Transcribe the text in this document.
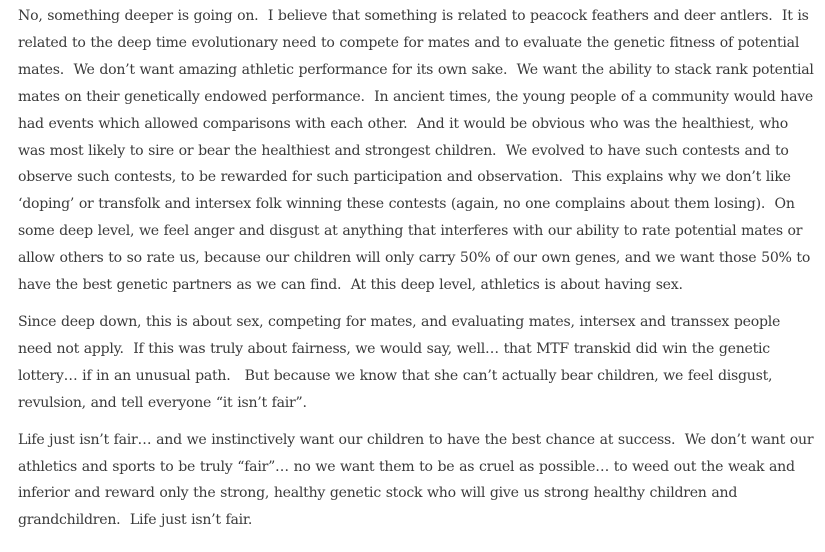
No, something deeper is going on.  I believe that something is related to peacock feathers and deer antlers.  It is related to the deep time evolutionary need to compete for mates and to evaluate the genetic fitness of potential mates.  We don’t want amazing athletic performance for its own sake.  We want the ability to stack rank potential mates on their genetically endowed performance.  In ancient times, the young people of a community would have had events which allowed comparisons with each other.  And it would be obvious who was the healthiest, who was most likely to sire or bear the healthiest and strongest children.  We evolved to have such contests and to observe such contests, to be rewarded for such participation and observation.  This explains why we don’t like ‘doping’ or transfolk and intersex folk winning these contests (again, no one complains about them losing).  On some deep level, we feel anger and disgust at anything that interferes with our ability to rate potential mates or allow others to so rate us, because our children will only carry 50% of our own genes, and we want those 50% to have the best genetic partners as we can find.  At this deep level, athletics is about having sex.

Since deep down, this is about sex, competing for mates, and evaluating mates, intersex and transsex people need not apply.  If this was truly about fairness, we would say, well… that MTF transkid did win the genetic lottery… if in an unusual path.   But because we know that she can’t actually bear children, we feel disgust, revulsion, and tell everyone “it isn’t fair”.

Life just isn’t fair… and we instinctively want our children to have the best chance at success.  We don’t want our athletics and sports to be truly “fair”… no we want them to be as cruel as possible… to weed out the weak and inferior and reward only the strong, healthy genetic stock who will give us strong healthy children and grandchildren.  Life just isn’t fair.
